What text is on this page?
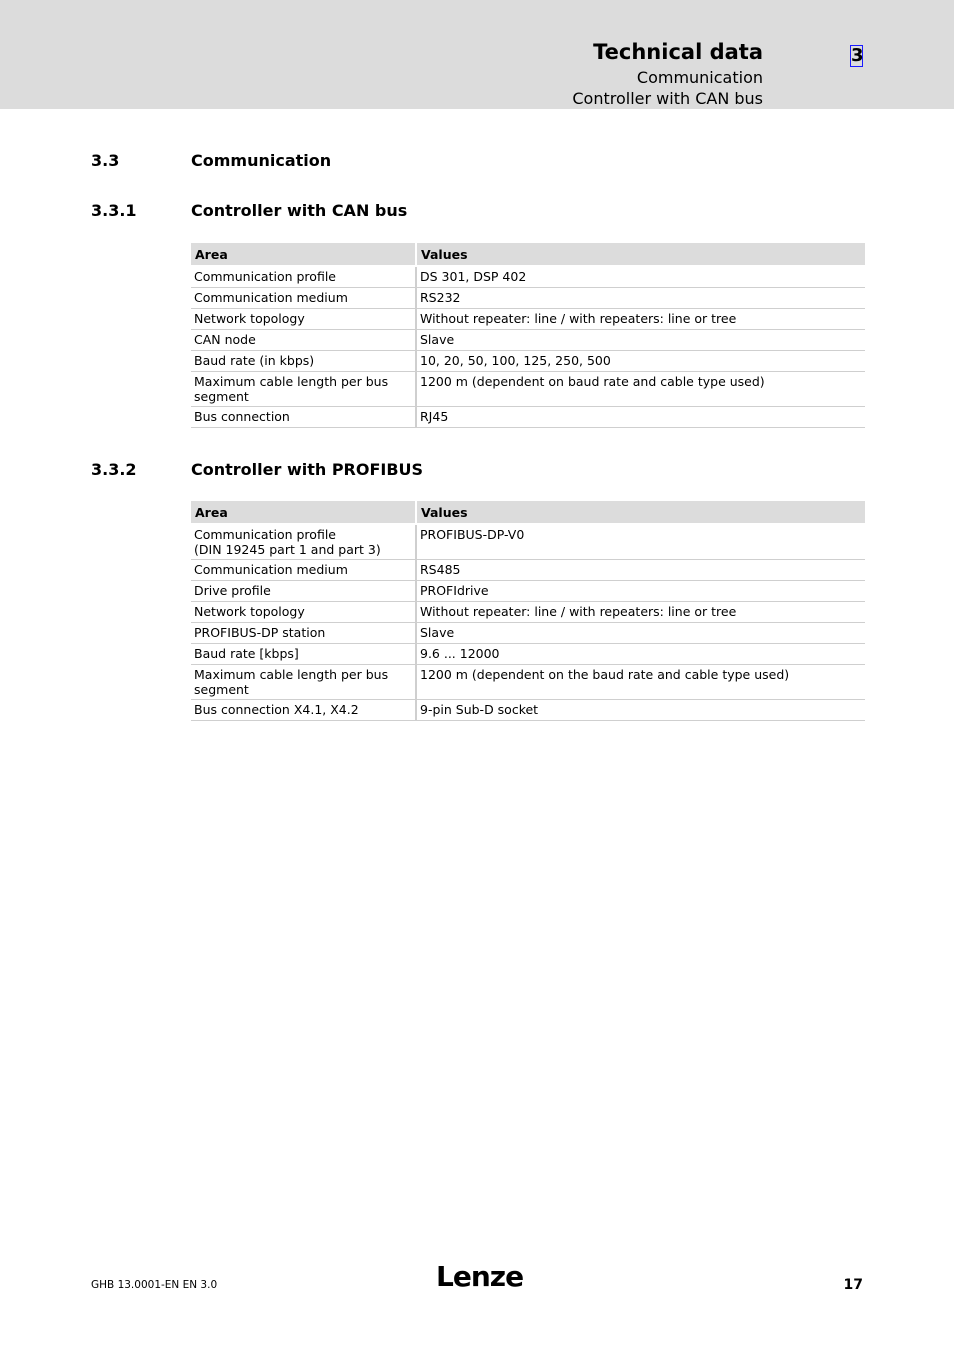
Technical data
Communication
Controller with CAN bus
3
3.3	Communication
3.3.1	Controller with CAN bus
Area	Values
Communication profile	DS 301, DSP 402
Communication medium	RS232
Network topology	Without repeater: line / with repeaters: line or tree
CAN node	Slave
Baud rate (in kbps)	10, 20, 50, 100, 125, 250, 500
Maximum cable length per bus segment	1200 m (dependent on baud rate and cable type used)
Bus connection	RJ45
3.3.2	Controller with PROFIBUS
Area	Values
Communication profile
(DIN 19245 part 1 and part 3)	PROFIBUS-DP-V0
Communication medium	RS485
Drive profile	PROFIdrive
Network topology	Without repeater: line / with repeaters: line or tree
PROFIBUS-DP station	Slave
Baud rate [kbps]	9.6 ... 12000
Maximum cable length per bus segment	1200 m (dependent on the baud rate and cable type used)
Bus connection X4.1, X4.2	9-pin Sub-D socket
GHB 13.0001-EN EN 3.0	Lenze	17
